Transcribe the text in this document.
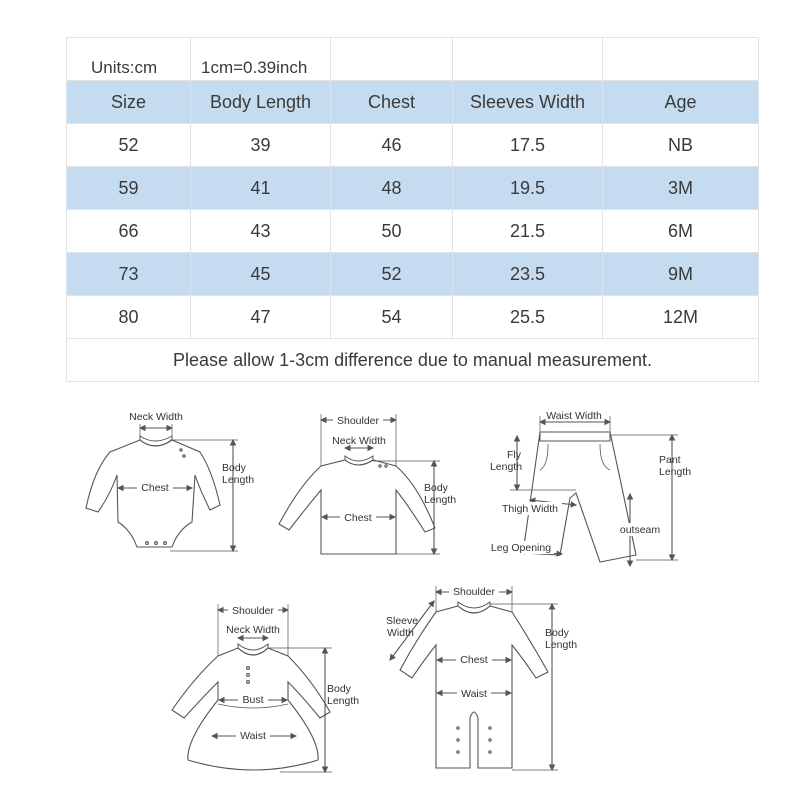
Units:cm	1cm=0.39inch			
Size	Body Length	Chest	Sleeves Width	Age
52	39	46	17.5	NB
59	41	48	19.5	3M
66	43	50	21.5	6M
73	45	52	23.5	9M
80	47	54	25.5	12M
Please allow 1-3cm difference due to manual measurement.				
Neck Width
Chest
Body
Length
Shoulder
Neck Width
Chest
Body
Length
Waist Width
Fly
Length
Pant
Length
Thigh Width
outseam
Leg Opening
Shoulder
Neck Width
Bust
Waist
Body
Length
Shoulder
Sleeve
Width
Chest
Waist
Body
Length
